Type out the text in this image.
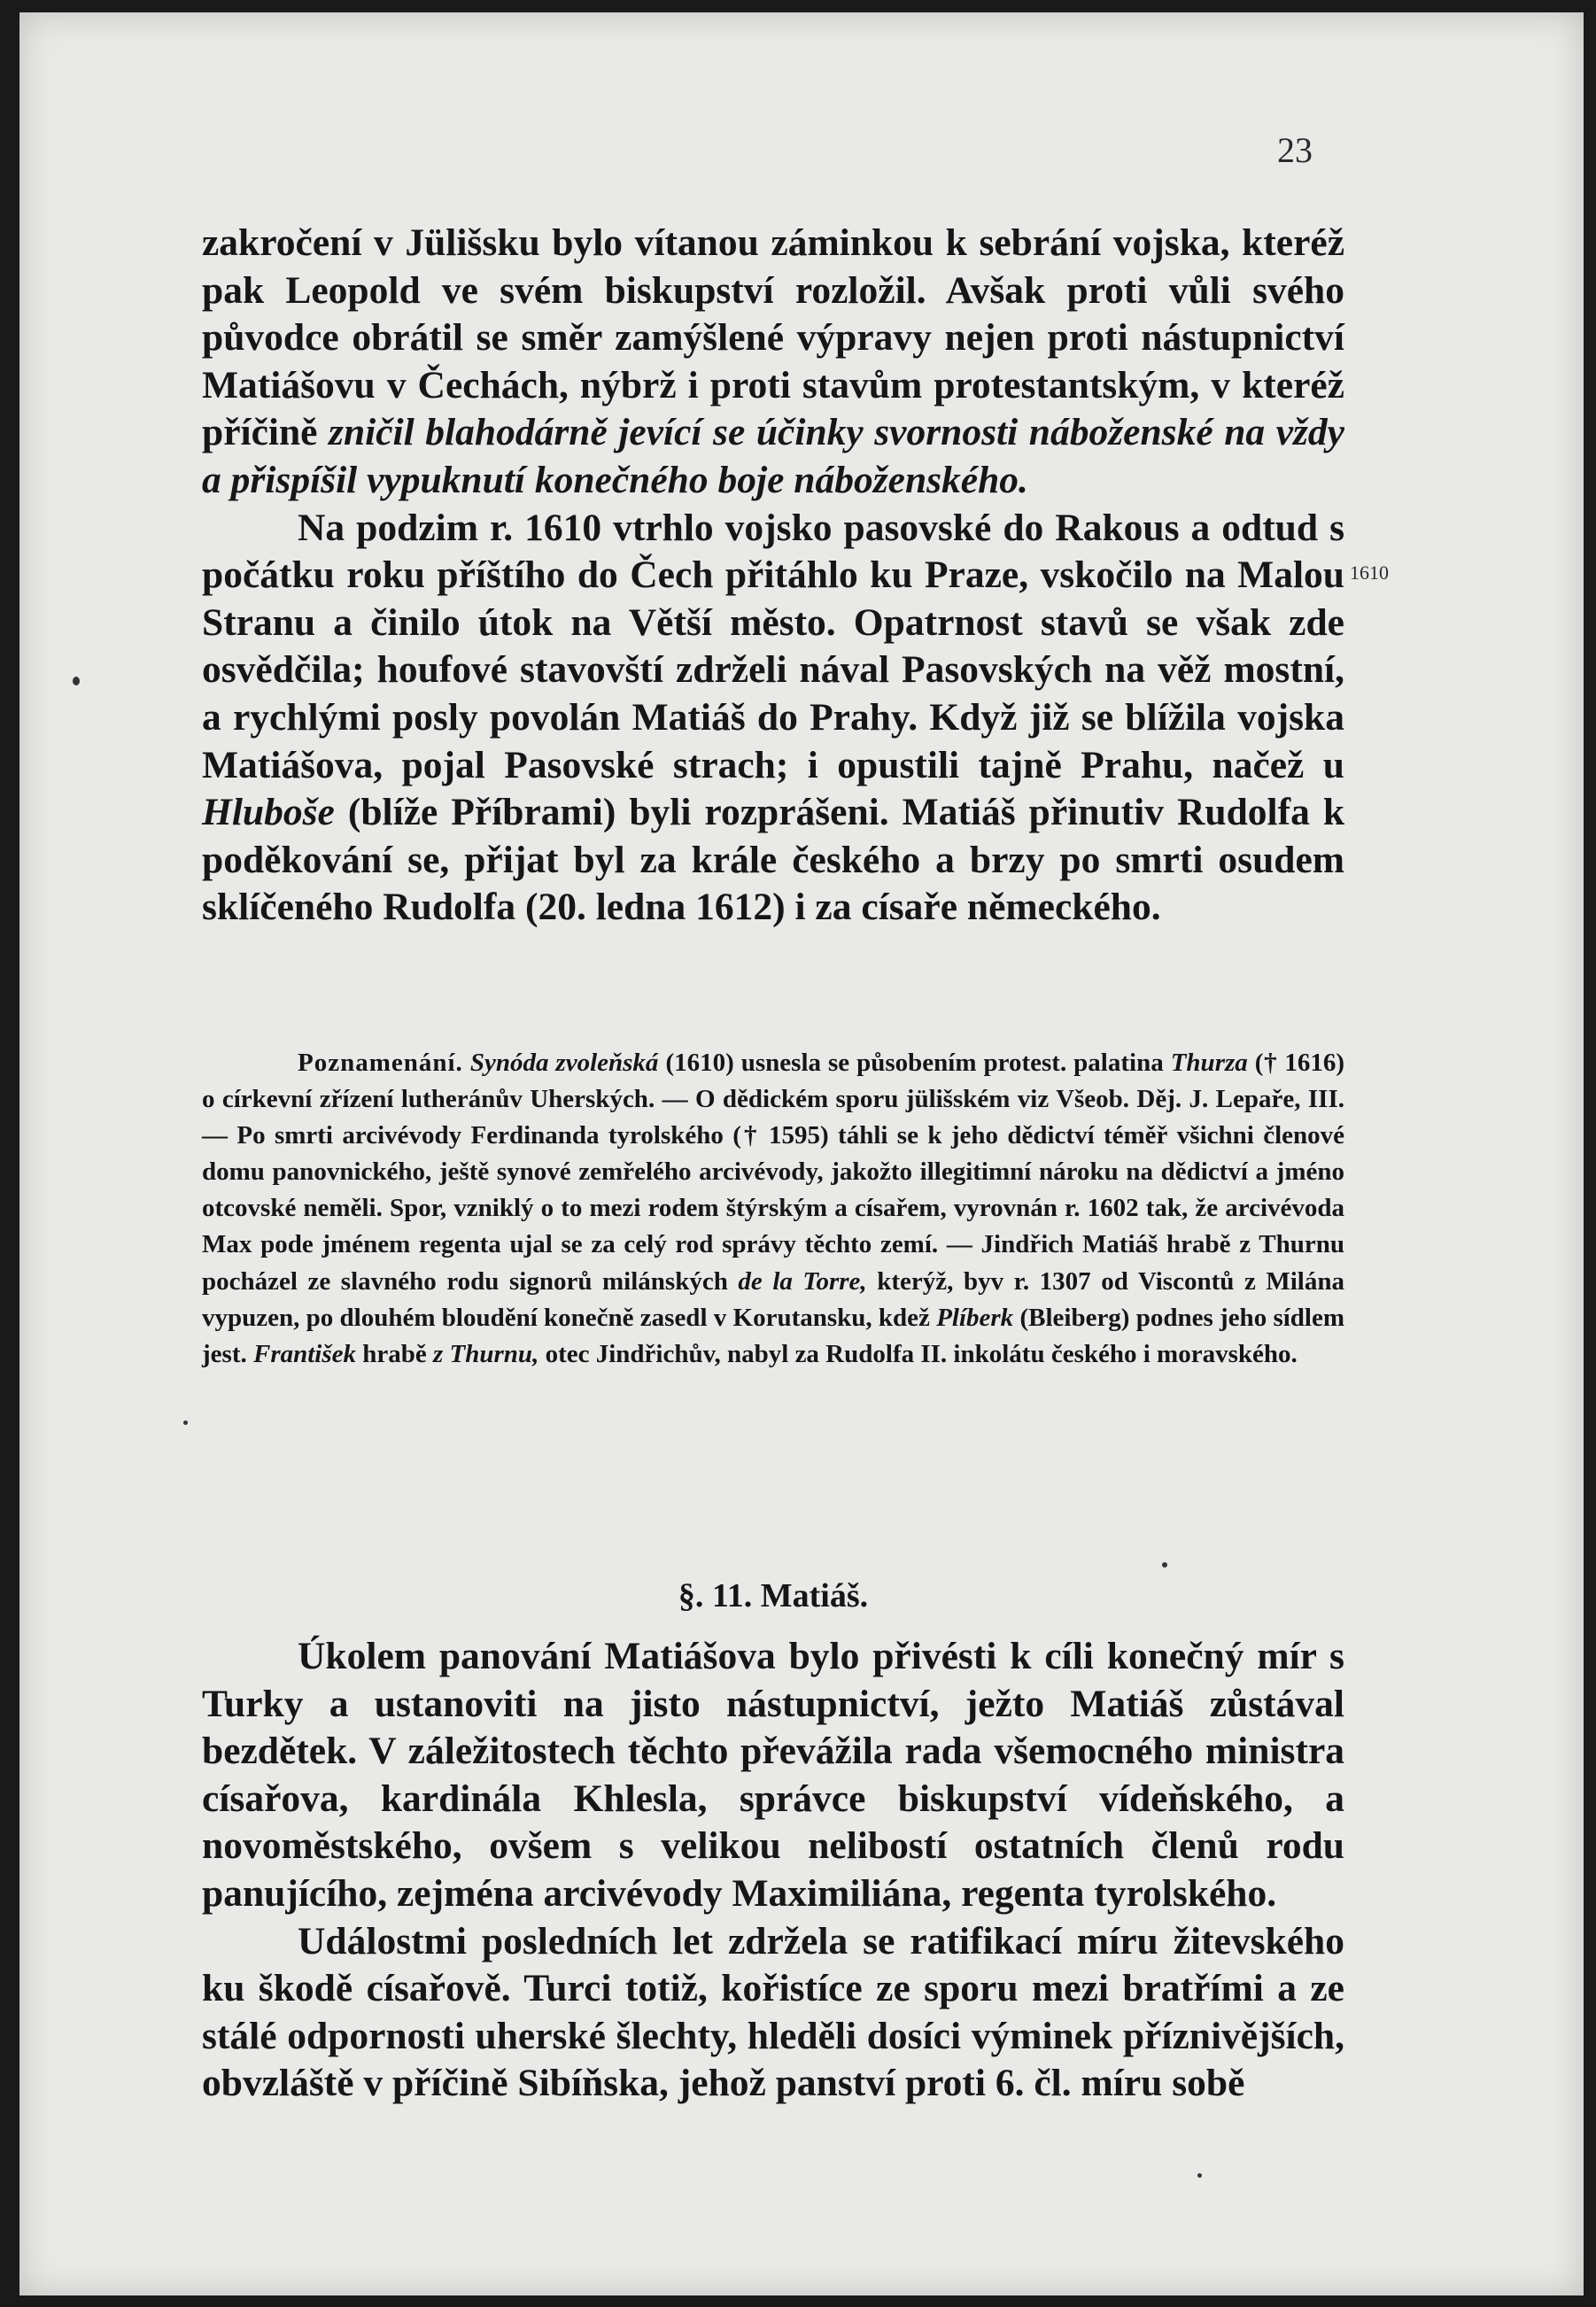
23

zakročení v Jülišsku bylo vítanou záminkou k sebrání vojska, kteréž pak Leopold ve svém biskupství rozložil. Avšak proti vůli svého původce obrátil se směr zamýšlené výpravy nejen proti nástupnictví Matiášovu v Čechách, nýbrž i proti stavům protestantským, v kteréž příčině zničil blahodárně jevící se účinky svornosti náboženské na vždy a přispíšil vypuknutí konečného boje náboženského.

Na podzim r. 1610 vtrhlo vojsko pasovské do Rakous a odtud s počátku roku příštího do Čech přitáhlo ku Praze, vskočilo na Malou Stranu a činilo útok na Větší město. Opatrnost stavů se však zde osvědčila; houfové stavovští zdrželi nával Pasovských na věž mostní, a rychlými posly povolán Matiáš do Prahy. Když již se blížila vojska Matiášova, pojal Pasovské strach; i opustili tajně Prahu, načež u Hluboše (blíže Příbrami) byli rozprášeni. Matiáš přinutiv Rudolfa k poděkování se, přijat byl za krále českého a brzy po smrti osudem sklíčeného Rudolfa (20. ledna 1612) i za císaře německého.

1610

Poznamenání. Synóda zvoleňská (1610) usnesla se působením protest. palatina Thurza († 1616) o církevní zřízení lutheránův Uherských. — O dědickém sporu jülišském viz Všeob. Děj. J. Lepaře, III. — Po smrti arcivévody Ferdinanda tyrolského († 1595) táhli se k jeho dědictví téměř všichni členové domu panovnického, ještě synové zemřelého arcivévody, jakožto illegitimní nároku na dědictví a jméno otcovské neměli. Spor, vzniklý o to mezi rodem štýrským a císařem, vyrovnán r. 1602 tak, že arcivévoda Max pode jménem regenta ujal se za celý rod správy těchto zemí. — Jindřich Matiáš hrabě z Thurnu pocházel ze slavného rodu signorů milánských de la Torre, kterýž, byv r. 1307 od Viscontů z Milána vypuzen, po dlouhém bloudění konečně zasedl v Korutansku, kdež Plíberk (Bleiberg) podnes jeho sídlem jest. František hrabě z Thurnu, otec Jindřichův, nabyl za Rudolfa II. inkolátu českého i moravského.

§. 11. Matiáš.

Úkolem panování Matiášova bylo přivésti k cíli konečný mír s Turky a ustanoviti na jisto nástupnictví, ježto Matiáš zůstával bezdětek. V záležitostech těchto převážila rada všemocného ministra císařova, kardinála Khlesla, správce biskupství vídeňského, a novoměstského, ovšem s velikou nelibostí ostatních členů rodu panujícího, zejména arcivévody Maximiliána, regenta tyrolského.

Událostmi posledních let zdržela se ratifikací míru žitevského ku škodě císařově. Turci totiž, kořistíce ze sporu mezi bratřími a ze stálé odpornosti uherské šlechty, hleděli dosíci výminek příznivějších, obvzláště v příčině Sibíňska, jehož panství proti 6. čl. míru sobě
